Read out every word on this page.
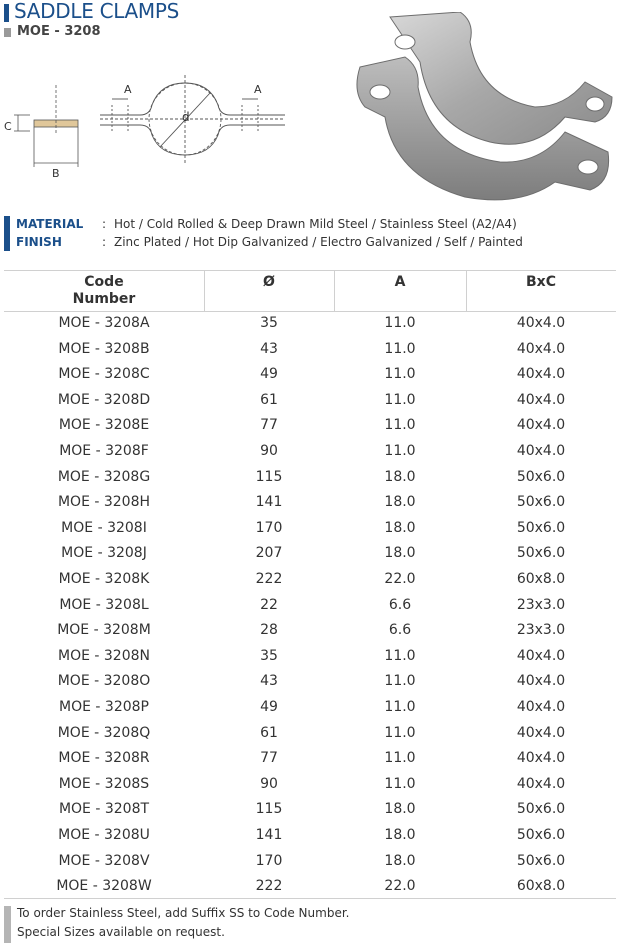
SADDLE CLAMPS
MOE - 3208
C
B
A	A
d
MATERIAL : Hot / Cold Rolled & Deep Drawn Mild Steel / Stainless Steel (A2/A4)
FINISH	: Zinc Plated / Hot Dip Galvanized / Electro Galvanized / Self / Painted
Code
Number
Ø	A	BxC
MOE - 3208A	35	11.0	40x4.0
MOE - 3208B	43	11.0	40x4.0
MOE - 3208C	49	11.0	40x4.0
MOE - 3208D	61	11.0	40x4.0
MOE - 3208E	77	11.0	40x4.0
MOE - 3208F	90	11.0	40x4.0
MOE - 3208G	115	18.0	50x6.0
MOE - 3208H	141	18.0	50x6.0
MOE - 3208I	170	18.0	50x6.0
MOE - 3208J	207	18.0	50x6.0
MOE - 3208K	222	22.0	60x8.0
MOE - 3208L	22	6.6	23x3.0
MOE - 3208M	28	6.6	23x3.0
MOE - 3208N	35	11.0	40x4.0
MOE - 3208O	43	11.0	40x4.0
MOE - 3208P	49	11.0	40x4.0
MOE - 3208Q	61	11.0	40x4.0
MOE - 3208R	77	11.0	40x4.0
MOE - 3208S	90	11.0	40x4.0
MOE - 3208T	115	18.0	50x6.0
MOE - 3208U	141	18.0	50x6.0
MOE - 3208V	170	18.0	50x6.0
MOE - 3208W	222	22.0	60x8.0
To order Stainless Steel, add Suffix SS to Code Number.
Special Sizes available on request.
